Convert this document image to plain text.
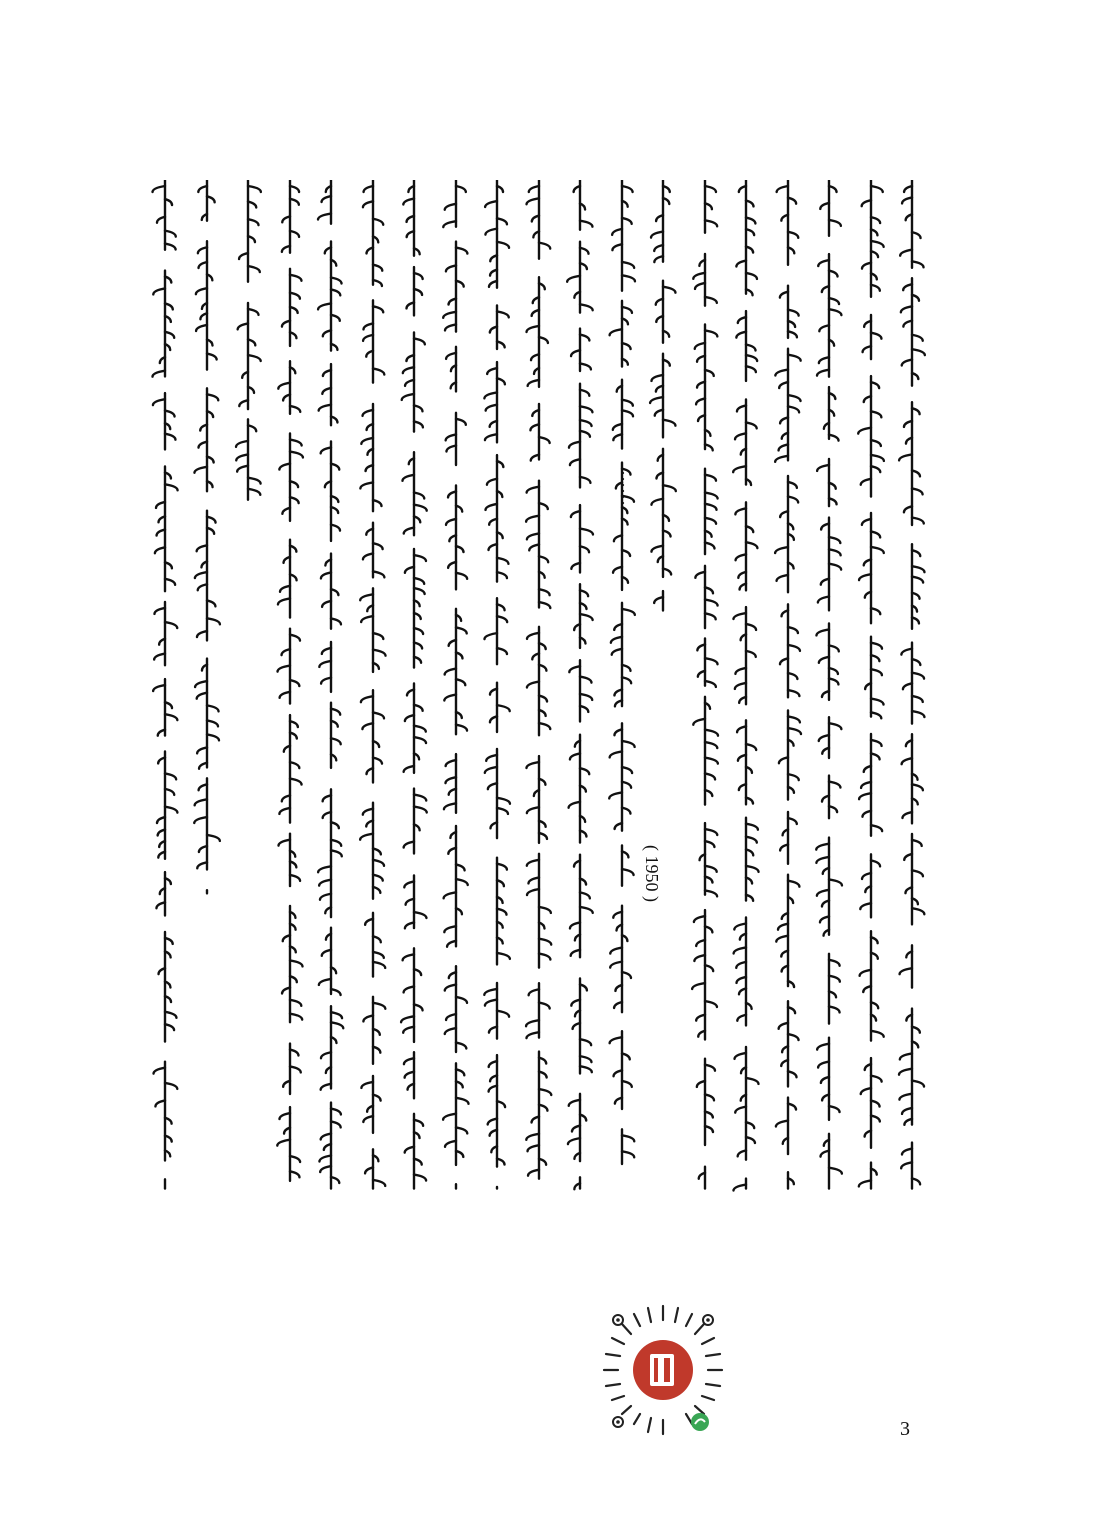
( 1950 )
……
3
